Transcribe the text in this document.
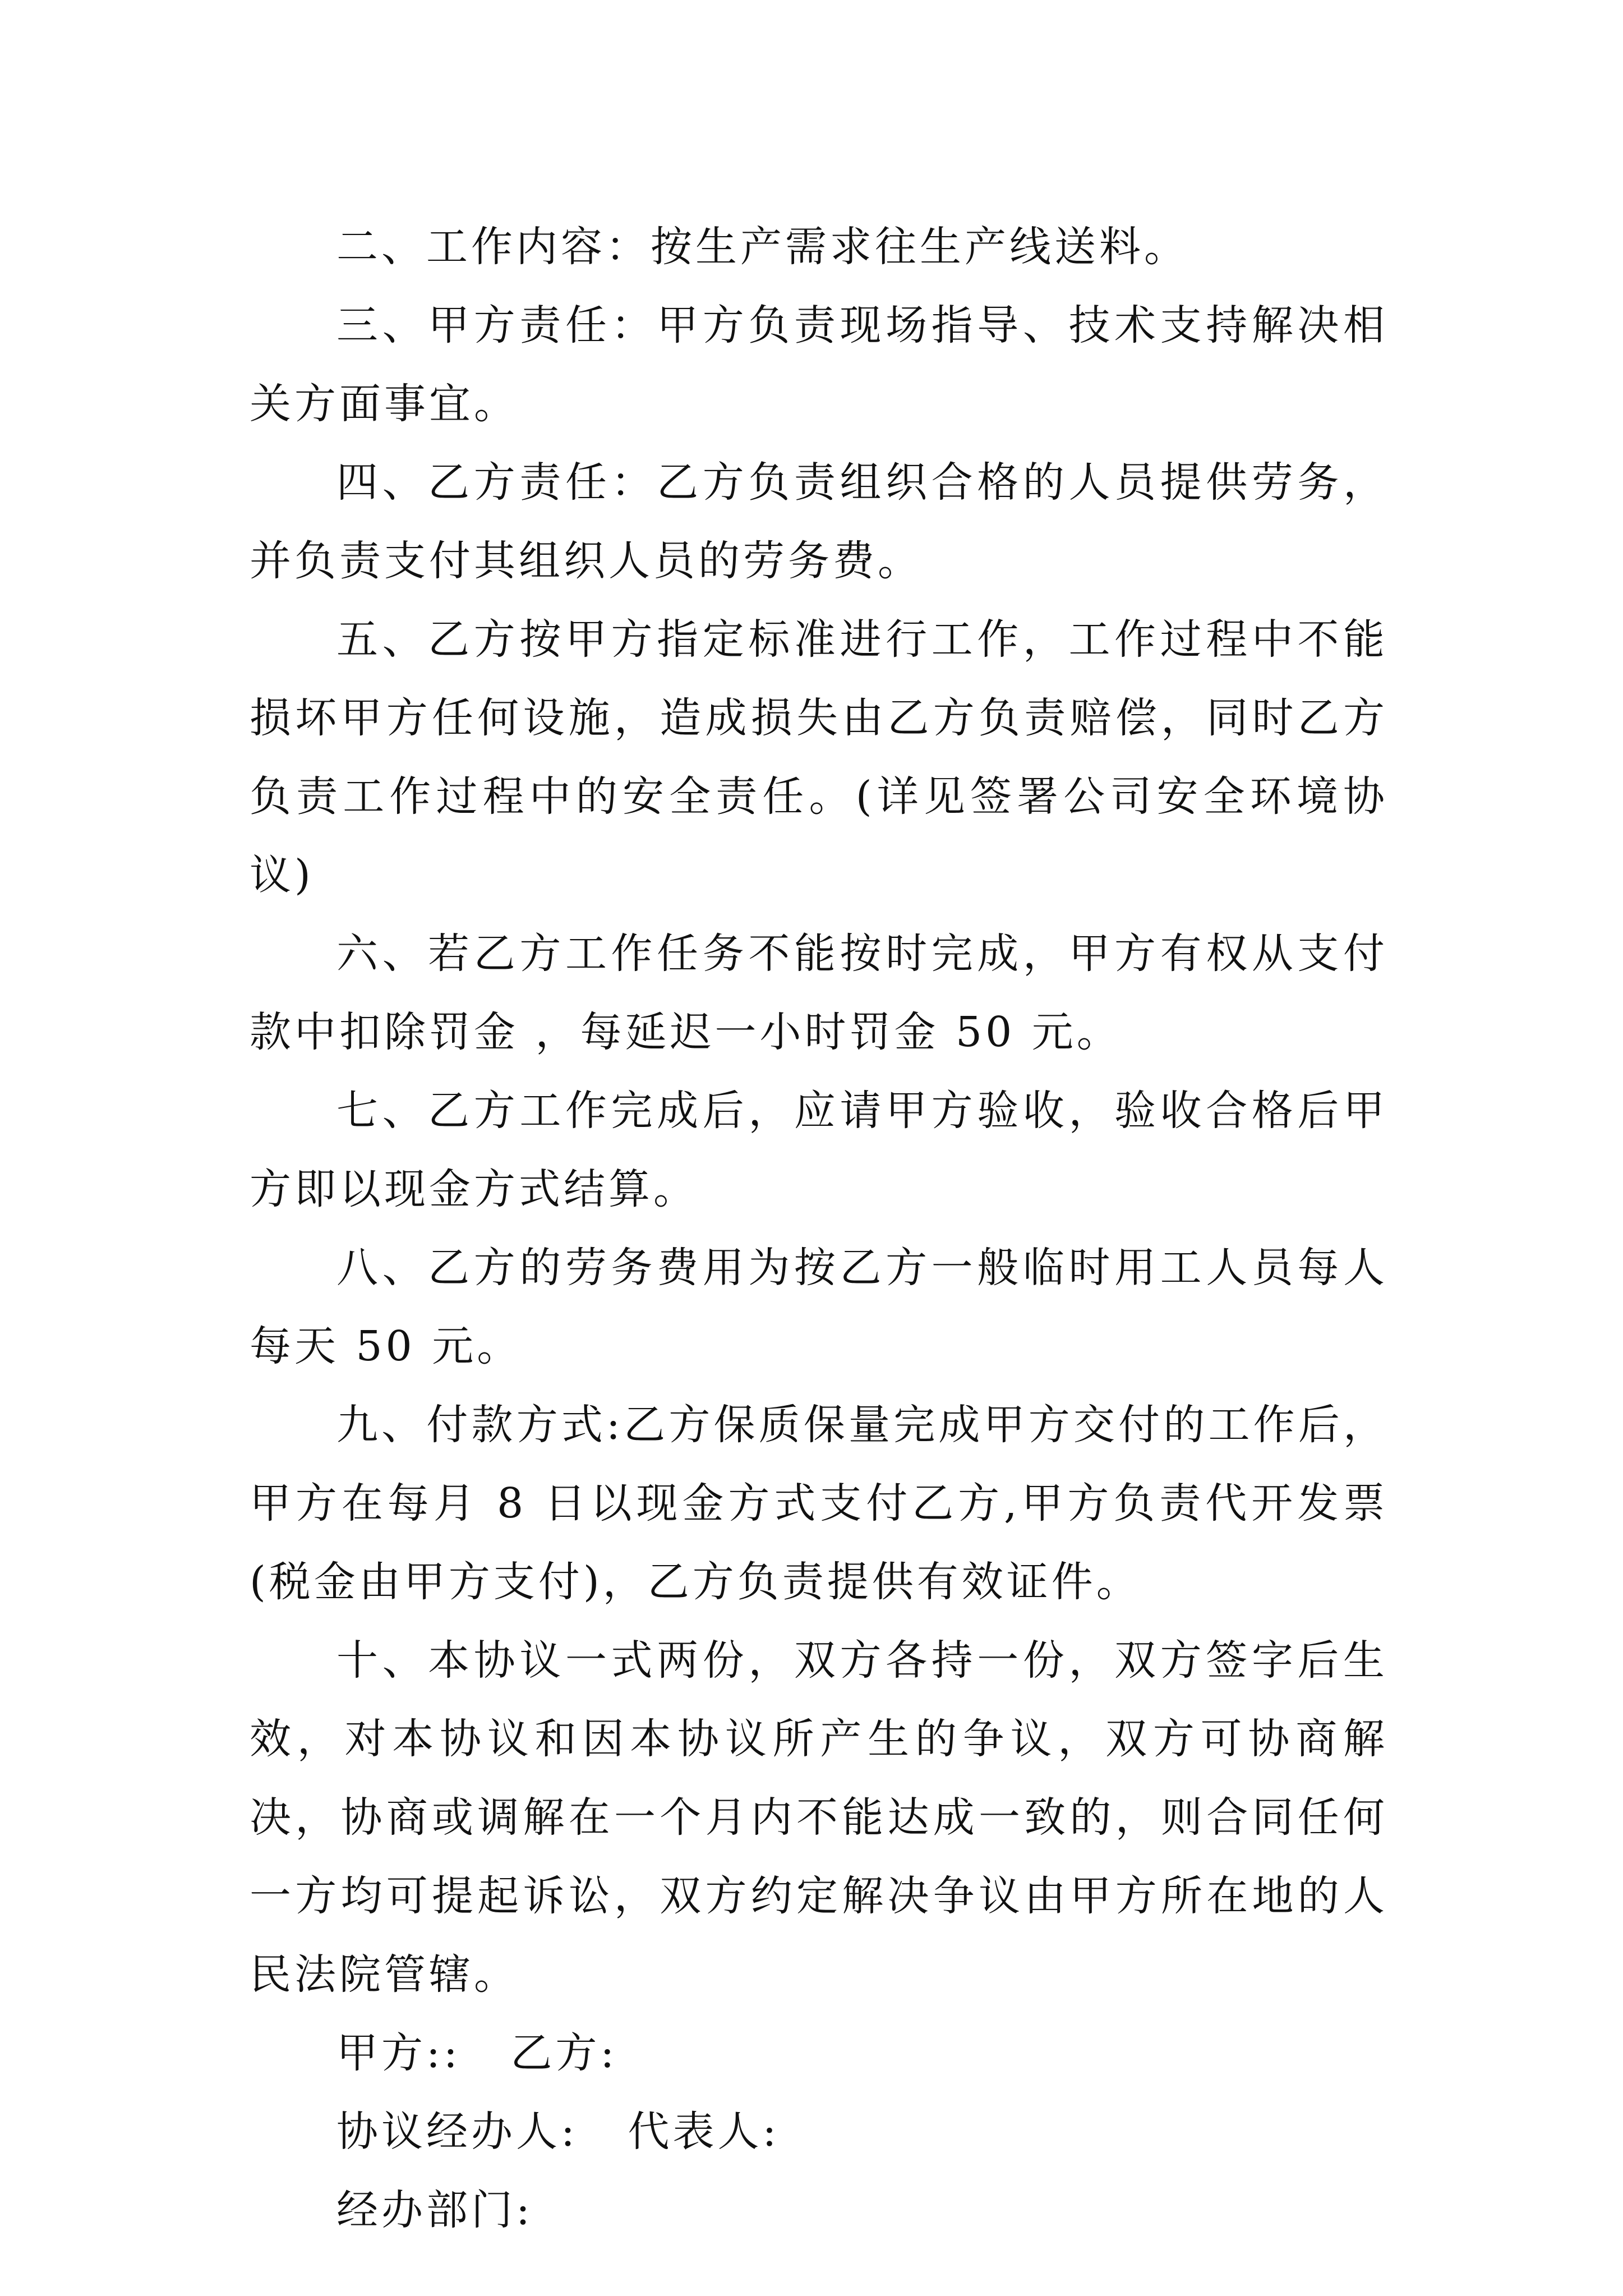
二、工作内容：按生产需求往生产线送料。

三、甲方责任：甲方负责现场指导、技术支持解决相关方面事宜。

四、乙方责任：乙方负责组织合格的人员提供劳务，并负责支付其组织人员的劳务费。

五、乙方按甲方指定标准进行工作，工作过程中不能损坏甲方任何设施，造成损失由乙方负责赔偿，同时乙方负责工作过程中的安全责任。(详见签署公司安全环境协议)

六、若乙方工作任务不能按时完成，甲方有权从支付款中扣除罚金 ，每延迟一小时罚金 50 元。

七、乙方工作完成后，应请甲方验收，验收合格后甲方即以现金方式结算。

八、乙方的劳务费用为按乙方一般临时用工人员每人每天 50 元。

九、付款方式:乙方保质保量完成甲方交付的工作后，甲方在每月 8 日以现金方式支付乙方,甲方负责代开发票(税金由甲方支付)，乙方负责提供有效证件。

十、本协议一式两份，双方各持一份，双方签字后生效，对本协议和因本协议所产生的争议，双方可协商解决，协商或调解在一个月内不能达成一致的，则合同任何一方均可提起诉讼，双方约定解决争议由甲方所在地的人民法院管辖。

甲方::   乙方:

协议经办人:   代表人:

经办部门:
